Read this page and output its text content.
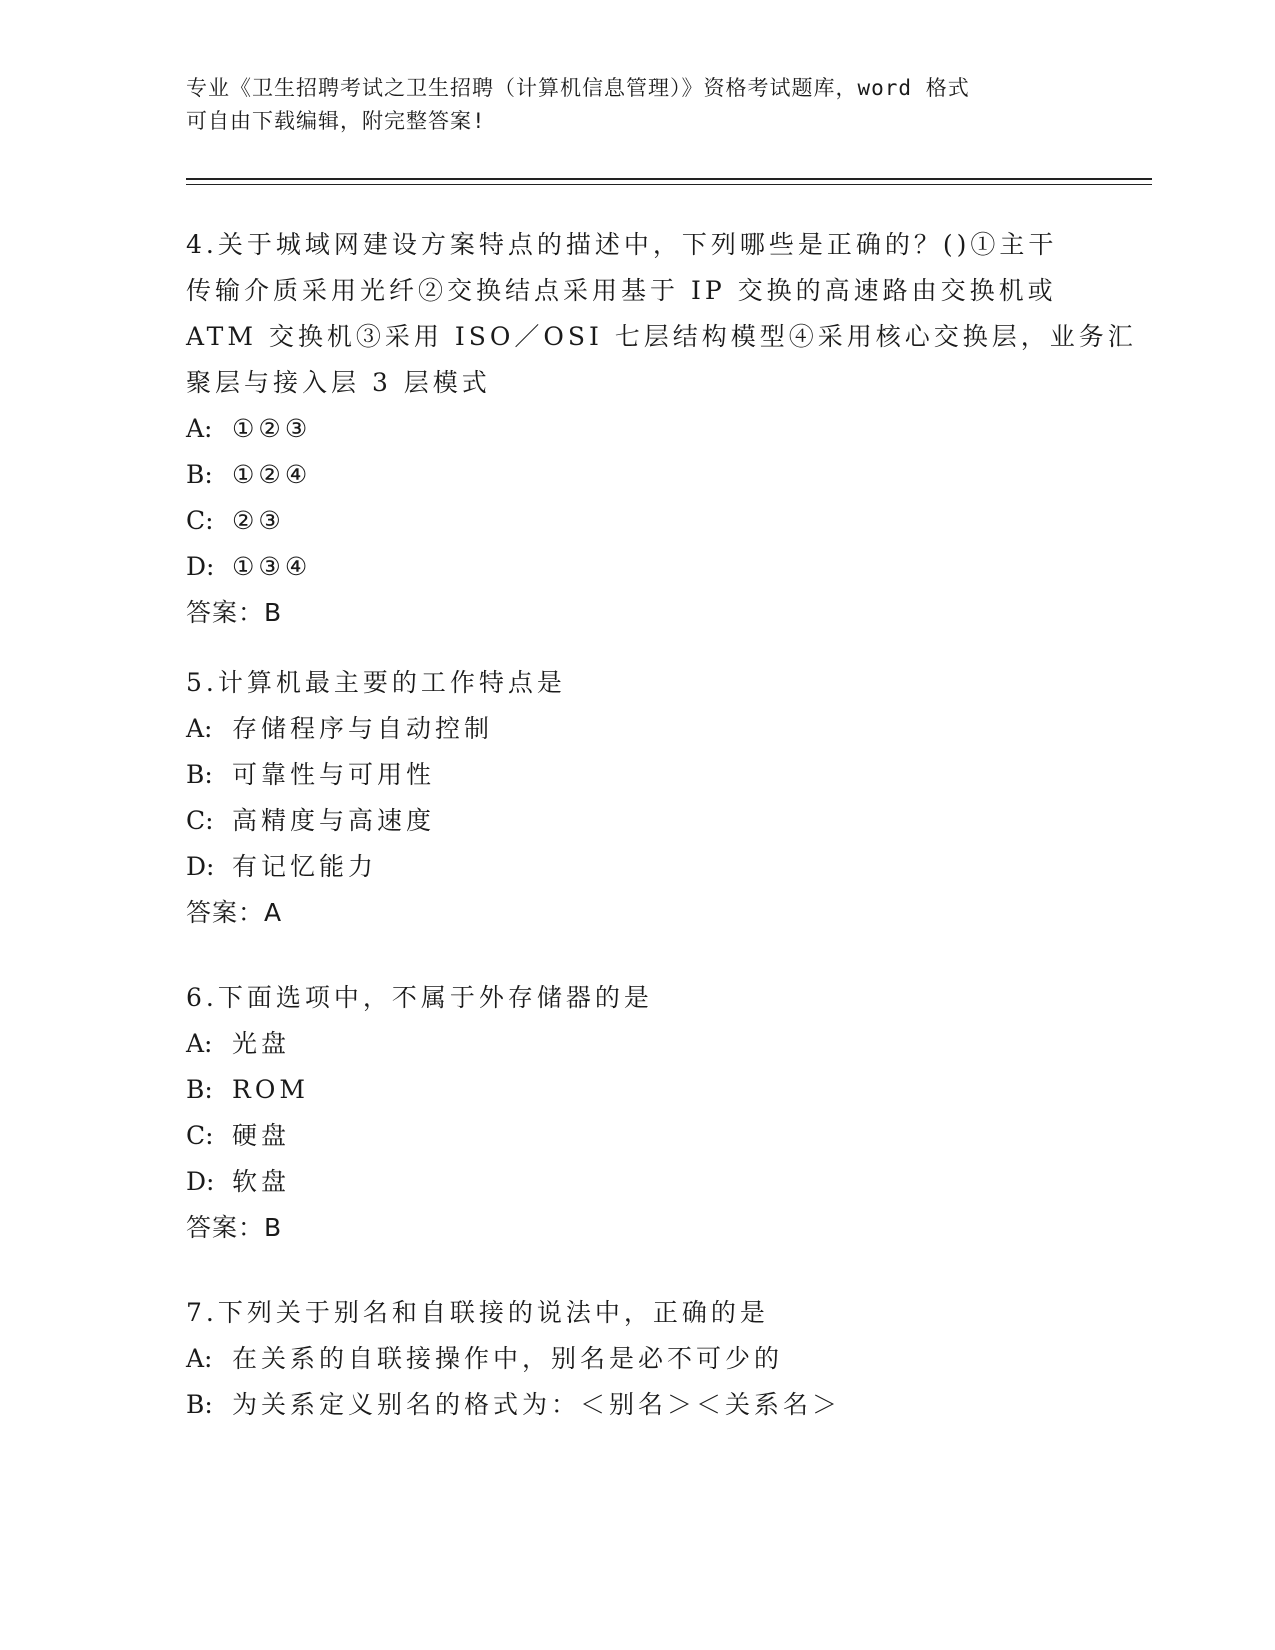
专业《卫生招聘考试之卫生招聘（计算机信息管理）》资格考试题库，word 格式
可自由下载编辑，附完整答案!
4.关于城域网建设方案特点的描述中，下列哪些是正确的？()①主干
传输介质采用光纤②交换结点采用基于 IP 交换的高速路由交换机或
ATM 交换机③采用 ISO／OSI 七层结构模型④采用核心交换层，业务汇
聚层与接入层 3 层模式
A: ①②③
B: ①②④
C: ②③
D: ①③④
答案：B
5.计算机最主要的工作特点是
A: 存储程序与自动控制
B: 可靠性与可用性
C: 高精度与高速度
D: 有记忆能力
答案：A
6.下面选项中，不属于外存储器的是
A: 光盘
B: ROM
C: 硬盘
D: 软盘
答案：B
7.下列关于别名和自联接的说法中，正确的是
A: 在关系的自联接操作中，别名是必不可少的
B: 为关系定义别名的格式为：＜别名＞＜关系名＞
